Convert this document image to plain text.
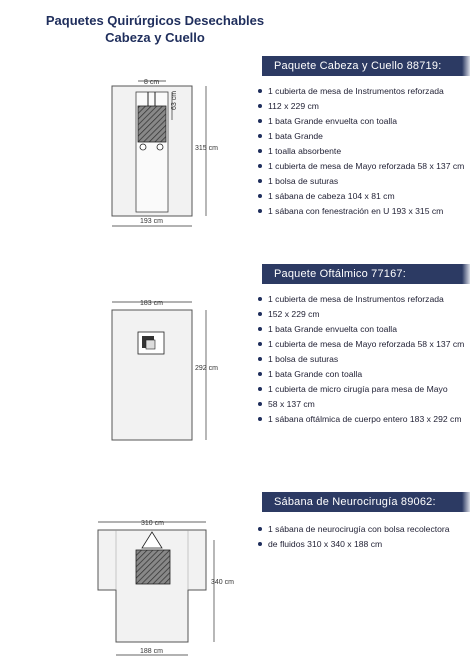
Paquetes Quirúrgicos Desechables
Cabeza y Cuello
Paquete Cabeza y Cuello 88719:
1 cubierta de mesa de Instrumentos reforzada
112 x 229 cm
1 bata Grande envuelta con toalla
1 bata Grande
1 toalla absorbente
1 cubierta de mesa de Mayo reforzada 58 x 137 cm
1 bolsa de suturas
1 sábana de cabeza 104 x 81 cm
1 sábana con fenestración en U 193 x 315 cm
8 cm
63 cm
315 cm
193 cm
Paquete Oftálmico 77167:
1 cubierta de mesa de Instrumentos reforzada
152 x 229 cm
1 bata Grande envuelta con toalla
1 cubierta de mesa de Mayo reforzada 58 x 137 cm
1 bolsa de suturas
1 bata Grande con toalla
1 cubierta de micro cirugía para mesa de Mayo
58 x 137 cm
1 sábana oftálmica de cuerpo entero 183 x 292 cm
183 cm
292 cm
Sábana de Neurocirugía 89062:
1 sábana de neurocirugía con bolsa recolectora
de fluidos 310 x 340 x 188 cm
310 cm
340 cm
188 cm
